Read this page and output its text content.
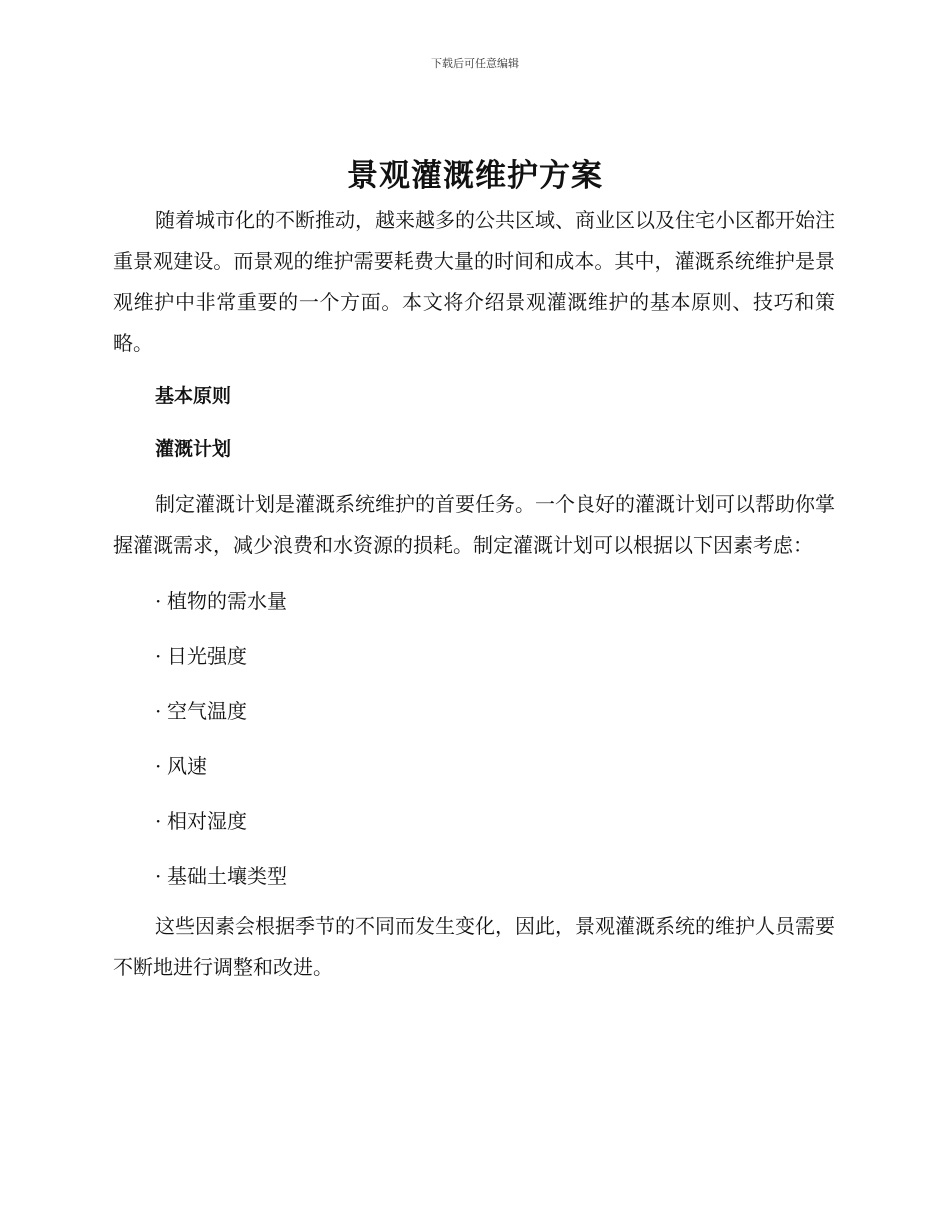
下载后可任意编辑
景观灌溉维护方案

随着城市化的不断推动，越来越多的公共区域、商业区以及住宅小区都开始注重景观建设。而景观的维护需要耗费大量的时间和成本。其中，灌溉系统维护是景观维护中非常重要的一个方面。本文将介绍景观灌溉维护的基本原则、技巧和策略。

基本原则

灌溉计划

制定灌溉计划是灌溉系统维护的首要任务。一个良好的灌溉计划可以帮助你掌握灌溉需求，减少浪费和水资源的损耗。制定灌溉计划可以根据以下因素考虑：

· 植物的需水量
· 日光强度
· 空气温度
· 风速
· 相对湿度
· 基础土壤类型

这些因素会根据季节的不同而发生变化，因此，景观灌溉系统的维护人员需要不断地进行调整和改进。
